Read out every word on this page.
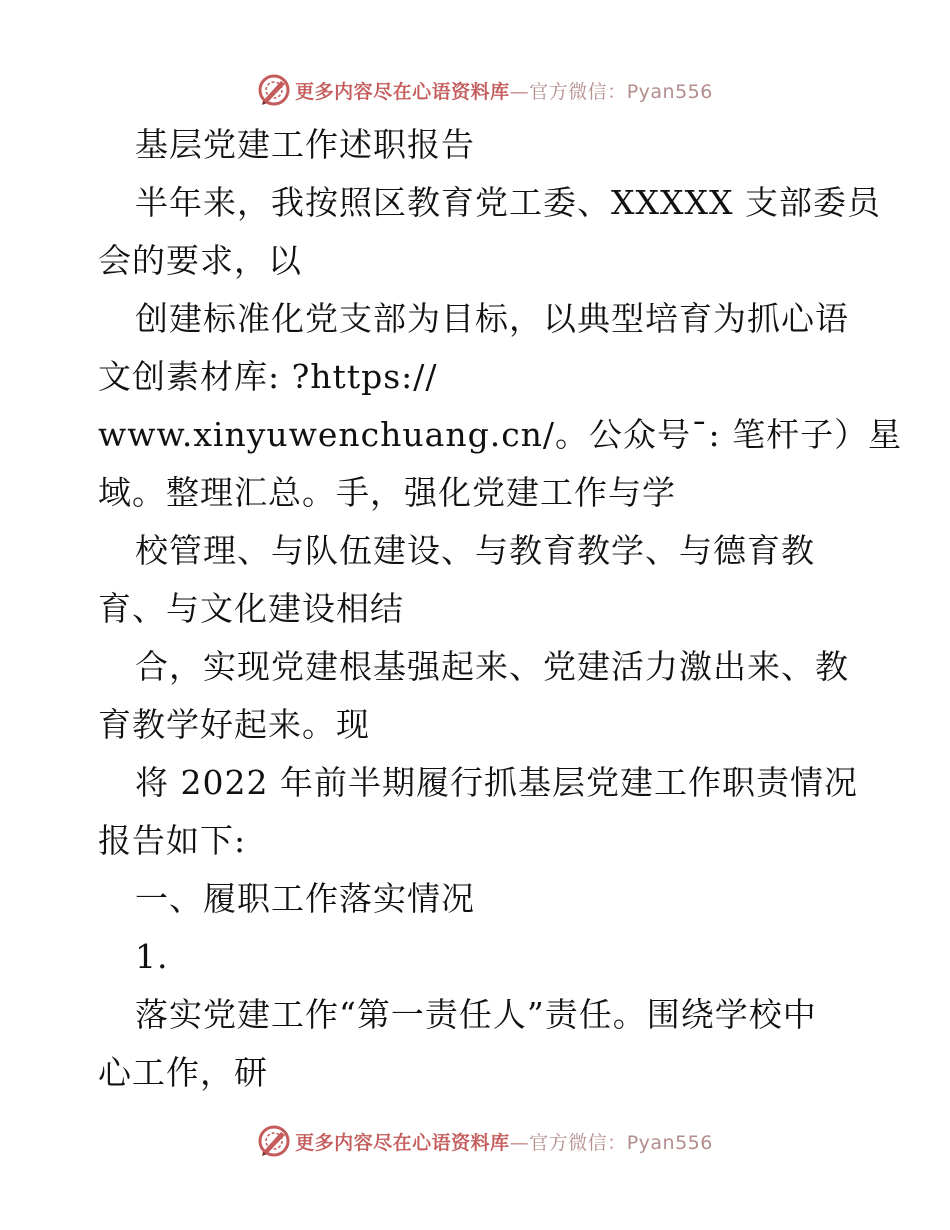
更多内容尽在心语资料库—官方微信：Pyan556
基层党建工作述职报告
半年来，我按照区教育党工委、XXXXX 支部委员
会的要求，以
创建标准化党支部为目标，以典型培育为抓心语
文创素材库: ?https://
www.xinyuwenchuang.cn/。公众号¯: 笔杆子）星
域。整理汇总。手，强化党建工作与学
校管理、与队伍建设、与教育教学、与德育教
育、与文化建设相结
合，实现党建根基强起来、党建活力激出来、教
育教学好起来。现
将 2022 年前半期履行抓基层党建工作职责情况
报告如下:
一、履职工作落实情况
1.
落实党建工作“第一责任人”责任。围绕学校中
心工作，研
更多内容尽在心语资料库—官方微信：Pyan556
